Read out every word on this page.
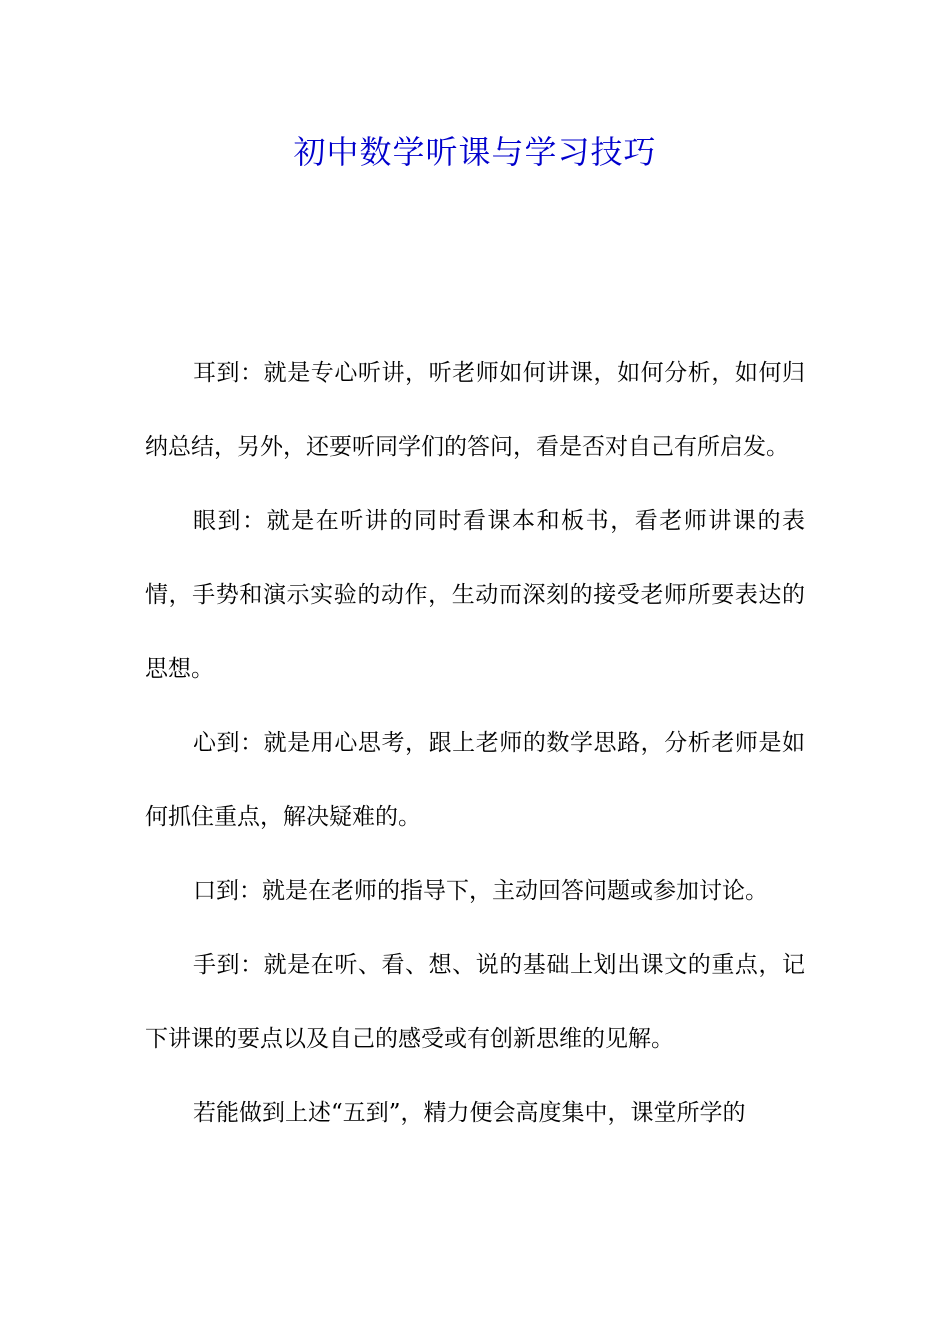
初中数学听课与学习技巧

耳到：就是专心听讲，听老师如何讲课，如何分析，如何归纳总结，另外，还要听同学们的答问，看是否对自己有所启发。

眼到：就是在听讲的同时看课本和板书，看老师讲课的表情，手势和演示实验的动作，生动而深刻的接受老师所要表达的思想。

心到：就是用心思考，跟上老师的数学思路，分析老师是如何抓住重点，解决疑难的。

口到：就是在老师的指导下，主动回答问题或参加讨论。

手到：就是在听、看、想、说的基础上划出课文的重点，记下讲课的要点以及自己的感受或有创新思维的见解。

若能做到上述“五到”，精力便会高度集中，课堂所学的
